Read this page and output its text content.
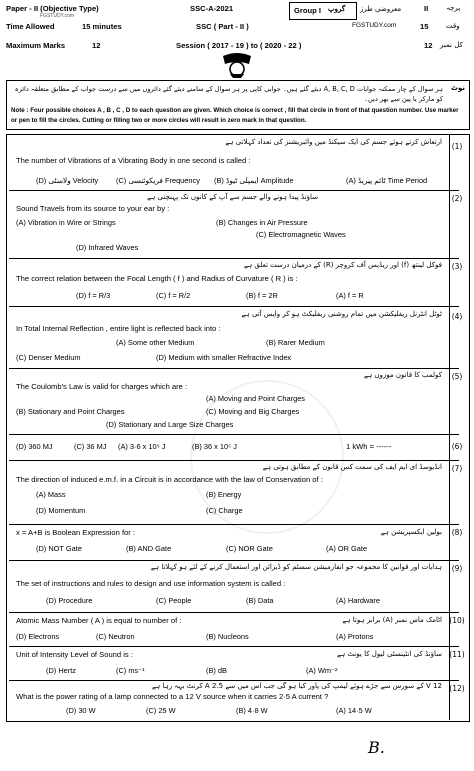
Paper - II (Objective Type)
FGSTUDY.com
SSC-A-2021
SSC ( Part - II )
Group I گروپ معروضی طرز	II	پرچہ
Time Allowed	15 minutes	FGSTUDY.com	15	وقت
Maximum Marks	12	Session ( 2017 - 19 ) to ( 2020 - 22 )	12 کل نمبر
ہر سوال کے چار ممکنہ جوابات A, B, C, D دیئے گئے ہیں۔ جوابی کاپی پر ہر سوال کے سامنے دیئے گئے دائروں میں سے درست جواب کے مطابق متعلقہ دائرہ کو مارکر یا پین سے بھر دیں۔
نوٹ
Note : Four possible choices A , B , C , D to each question are given. Which choice is correct , fill that circle in front of that question number. Use marker or pen to fill the circles. Cutting or filling two or more circles will result in zero mark in that question.
(1)
ارتعاش کرتے ہوئے جسم کی ایک سیکنڈ میں وائبریشنز کی تعداد کہلاتی ہے
The number of Vibrations of a Vibrating Body in one second is called :
(D) ولاسٹی Velocity (C) فریکوئنسی Frequency (B) ایمپلی ٹیوڈ Amplitude	(A) ٹائم پیریڈ Time Period
(2)
ساؤنڈ پیدا ہونے والے جسم سے آپ کے کانوں تک پہنچتی ہے
Sound Travels from its source to your ear by :
(A) Vibration in Wire or Strings	(B) Changes in Air Pressure
(C) Electromagnetic Waves
(D) Infrared Waves
(3)
فوکل لینتھ (f) اور ریڈیس آف کروچر (R) کے درمیان درست تعلق ہے
The correct relation between the Focal Length ( f ) and Radius of Curvature ( R ) is :
(D) f = R/3	(C) f = R/2	(B) f = 2R	(A) f = R
(4)
ٹوٹل انٹرنل ریفلیکشن میں تمام روشنی ریفلیکٹ ہو کر واپس آتی ہے
In Total Internal Reflection , entire light is reflected back into :
(A) Some other Medium	(B) Rarer Medium
(C) Denser Medium	(D) Medium with smaller Refractive Index
(5)
کولمب کا قانون موزوں ہے
The Coulomb's Law is valid for charges which are :
(A) Moving and Point Charges
(B) Stationary and Point Charges	(C) Moving and Big Charges
(D) Stationary and Large Size Charges
(6)
(D) 360 MJ	(C) 36 MJ (A) 3·6 x 10⁵ J	(B) 36 x 10⁵ J	1 kWh = ------
(7)
انڈیوسڈ ای ایم ایف کی سمت کس قانون کے مطابق ہوتی ہے
The direction of induced e.m.f. in a Circuit is in accordance with the law of Conservation of :
(A) Mass	(B) Energy
(D) Momentum	(C) Charge
(8)
x = A+B is Boolean Expression for :	بولین ایکسپریشن ہے
(D) NOT Gate	(B) AND Gate	(C) NOR Gate	(A) OR Gate
(9)
ہدایات اور قوانین کا مجموعہ جو انفارمیشن سسٹم کو ڈیزائن اور استعمال کرنے کے لئے ہو کہلاتا ہے
The set of instructions and rules to design and use information system is called :
(D) Procedure	(C) People	(B) Data	(A) Hardware
(10)
Atomic Mass Number ( A ) is equal to number of :	اٹامک ماس نمبر (A) برابر ہوتا ہے
(D) Electrons	(C) Neutron	(B) Nucleons	(A) Protons
(11)
Unit of Intensity Level of Sound is :	ساؤنڈ کی انٹینسٹی لیول کا یونٹ ہے
(D) Hertz	(C) ms⁻¹	(B) dB	(A) Wm⁻²
(12)
12 V کے سورس سے جڑے ہوئے لیمپ کی پاور کیا ہو گی جب اس میں سے 2.5 A کرنٹ بہہ رہا ہے
What is the power rating of a lamp connected to a 12 V source when it carries 2·5 A current ?
(D) 30 W	(C) 25 W	(B) 4·8 W	(A) 14·5 W
B.
